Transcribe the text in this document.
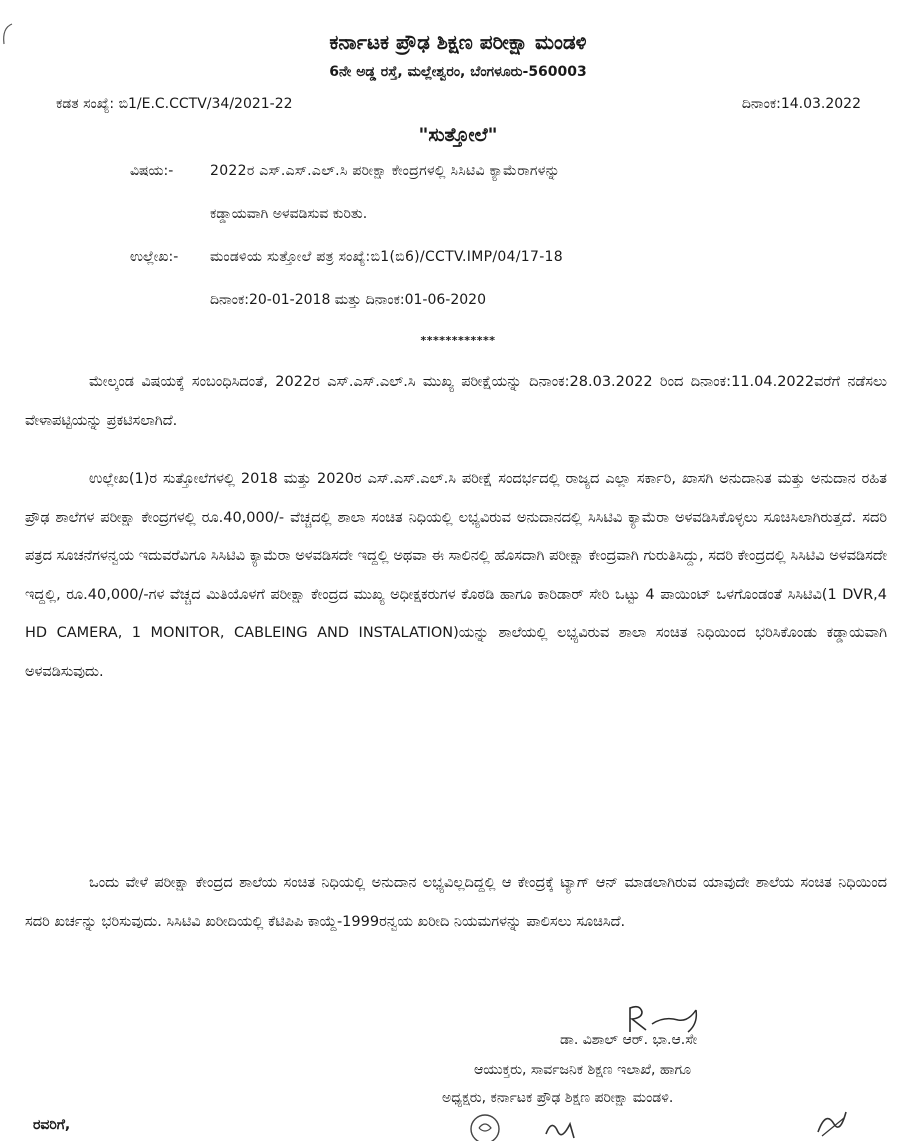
ಕರ್ನಾಟಕ ಪ್ರೌಢ ಶಿಕ್ಷಣ ಪರೀಕ್ಷಾ ಮಂಡಳಿ
6ನೇ ಅಡ್ಡ ರಸ್ತೆ, ಮಲ್ಲೇಶ್ವರಂ, ಬೆಂಗಳೂರು-560003
ಕಡತ ಸಂಖ್ಯೆ: ಬಿ1/E.C.CCTV/34/2021-22	ದಿನಾಂಕ:14.03.2022
"ಸುತ್ತೋಲೆ"
ವಿಷಯ:-	2022ರ ಎಸ್.ಎಸ್.ಎಲ್.ಸಿ ಪರೀಕ್ಷಾ ಕೇಂದ್ರಗಳಲ್ಲಿ ಸಿಸಿಟಿವಿ ಕ್ಯಾಮೆರಾಗಳನ್ನು
ಕಡ್ಡಾಯವಾಗಿ ಅಳವಡಿಸುವ ಕುರಿತು.
ಉಲ್ಲೇಖ:- ಮಂಡಳಿಯ ಸುತ್ತೋಲೆ ಪತ್ರ ಸಂಖ್ಯೆ:ಬಿ1(ಬಿ6)/CCTV.IMP/04/17-18
ದಿನಾಂಕ:20-01-2018 ಮತ್ತು ದಿನಾಂಕ:01-06-2020
************
ಮೇಲ್ಕಂಡ ವಿಷಯಕ್ಕೆ ಸಂಬಂಧಿಸಿದಂತೆ, 2022ರ ಎಸ್.ಎಸ್.ಎಲ್.ಸಿ ಮುಖ್ಯ ಪರೀಕ್ಷೆಯನ್ನು ದಿನಾಂಕ:28.03.2022 ರಿಂದ ದಿನಾಂಕ:11.04.2022ವರೆಗೆ ನಡೆಸಲು ವೇಳಾಪಟ್ಟಿಯನ್ನು ಪ್ರಕಟಿಸಲಾಗಿದೆ.
ಉಲ್ಲೇಖ(1)ರ ಸುತ್ತೋಲೆಗಳಲ್ಲಿ 2018 ಮತ್ತು 2020ರ ಎಸ್.ಎಸ್.ಎಲ್.ಸಿ ಪರೀಕ್ಷೆ ಸಂದರ್ಭದಲ್ಲಿ ರಾಜ್ಯದ ಎಲ್ಲಾ ಸರ್ಕಾರಿ, ಖಾಸಗಿ ಅನುದಾನಿತ ಮತ್ತು ಅನುದಾನ ರಹಿತ ಪ್ರೌಢ ಶಾಲೆಗಳ ಪರೀಕ್ಷಾ ಕೇಂದ್ರಗಳಲ್ಲಿ ರೂ.40,000/- ವೆಚ್ಚದಲ್ಲಿ ಶಾಲಾ ಸಂಚಿತ ನಿಧಿಯಲ್ಲಿ ಲಭ್ಯವಿರುವ ಅನುದಾನದಲ್ಲಿ ಸಿಸಿಟಿವಿ ಕ್ಯಾಮೆರಾ ಅಳವಡಿಸಿಕೊಳ್ಳಲು ಸೂಚಿಸಿಲಾಗಿರುತ್ತದೆ. ಸದರಿ ಪತ್ರದ ಸೂಚನೆಗಳನ್ವಯ ಇದುವರೆವಿಗೂ ಸಿಸಿಟಿವಿ ಕ್ಯಾಮೆರಾ ಅಳವಡಿಸದೇ ಇದ್ದಲ್ಲಿ ಅಥವಾ ಈ ಸಾಲಿನಲ್ಲಿ ಹೊಸದಾಗಿ ಪರೀಕ್ಷಾ ಕೇಂದ್ರವಾಗಿ ಗುರುತಿಸಿದ್ದು, ಸದರಿ ಕೇಂದ್ರದಲ್ಲಿ ಸಿಸಿಟಿವಿ ಅಳವಡಿಸದೇ ಇದ್ದಲ್ಲಿ, ರೂ.40,000/-ಗಳ ವೆಚ್ಚದ ಮಿತಿಯೊಳಗೆ ಪರೀಕ್ಷಾ ಕೇಂದ್ರದ ಮುಖ್ಯ ಅಧೀಕ್ಷಕರುಗಳ ಕೊಠಡಿ ಹಾಗೂ ಕಾರಿಡಾರ್ ಸೇರಿ ಒಟ್ಟು 4 ಪಾಯಿಂಟ್ ಒಳಗೊಂಡಂತೆ ಸಿಸಿಟಿವಿ(1 DVR,4 HD CAMERA, 1 MONITOR, CABLEING AND INSTALATION)ಯನ್ನು ಶಾಲೆಯಲ್ಲಿ ಲಭ್ಯವಿರುವ ಶಾಲಾ ಸಂಚಿತ ನಿಧಿಯಿಂದ ಭರಿಸಿಕೊಂಡು ಕಡ್ಡಾಯವಾಗಿ ಅಳವಡಿಸುವುದು.
ಒಂದು ವೇಳೆ ಪರೀಕ್ಷಾ ಕೇಂದ್ರದ ಶಾಲೆಯ ಸಂಚಿತ ನಿಧಿಯಲ್ಲಿ ಅನುದಾನ ಲಭ್ಯವಿಲ್ಲದಿದ್ದಲ್ಲಿ ಆ ಕೇಂದ್ರಕ್ಕೆ ಟ್ಯಾಗ್ ಆನ್ ಮಾಡಲಾಗಿರುವ ಯಾವುದೇ ಶಾಲೆಯ ಸಂಚಿತ ನಿಧಿಯಿಂದ ಸದರಿ ಖರ್ಚನ್ನು ಭರಿಸುವುದು. ಸಿಸಿಟಿವಿ ಖರೀದಿಯಲ್ಲಿ ಕೆಟಿಪಿಪಿ ಕಾಯ್ದೆ-1999ರನ್ವಯ ಖರೀದಿ ನಿಯಮಗಳನ್ನು ಪಾಲಿಸಲು ಸೂಚಿಸಿದೆ.
ಡಾ. ವಿಶಾಲ್ ಆರ್. ಭಾ.ಆ.ಸೇ
ಆಯುಕ್ತರು, ಸಾರ್ವಜನಿಕ ಶಿಕ್ಷಣ ಇಲಾಖೆ, ಹಾಗೂ
ಅಧ್ಯಕ್ಷರು, ಕರ್ನಾಟಕ ಪ್ರೌಢ ಶಿಕ್ಷಣ ಪರೀಕ್ಷಾ ಮಂಡಳಿ.
ರವರಿಗೆ,
